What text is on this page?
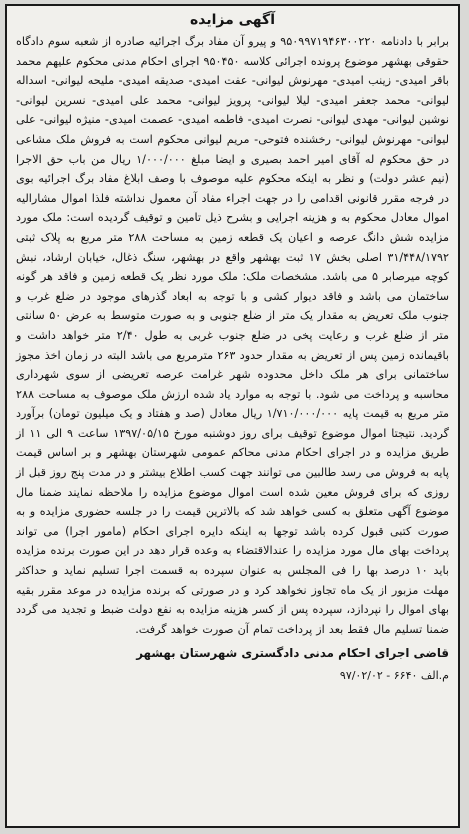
آگهی مزایده

برابر با دادنامه ۹۵۰۹۹۷۱۹۴۶۳۰۰۲۲۰ و پیرو آن مفاد برگ اجرائیه صادره از شعبه سوم دادگاه حقوقی بهشهر موضوع پرونده اجرائی کلاسه ۹۵۰۴۵۰ اجرای احکام مدنی محکوم علیهم محمد باقر امیدی- زینب امیدی- مهرنوش لیوانی- عفت امیدی- صدیقه امیدی- ملیحه لیوانی- اسداله لیوانی- محمد جعفر امیدی- لیلا لیوانی- پرویز لیوانی- محمد علی امیدی- نسرین لیوانی- نوشین لیوانی- مهدی لیوانی- نصرت امیدی- فاطمه امیدی- عصمت امیدی- منیژه لیوانی- علی لیوانی- مهرنوش لیوانی- رخشنده فتوحی- مریم لیوانی محکوم است به فروش ملک مشاعی در حق محکوم له آقای امیر احمد بصیری و ایضا مبلغ ۱/۰۰۰/۰۰۰ ریال من باب حق الاجرا (نیم عشر دولت) و نظر به اینکه محکوم علیه موصوف با وصف ابلاغ مفاد برگ اجرائیه بوی در فرجه مقرر قانونی اقدامی را در جهت اجراء مفاد آن معمول نداشته فلذا اموال مشارالیه اموال معادل محکوم به و هزینه اجرایی و بشرح ذیل تامین و توقیف گردیده است: ملک مورد مزایده شش دانگ عرصه و اعیان یک قطعه زمین به مساحت ۲۸۸ متر مربع به پلاک ثبتی ۳۱/۴۴۸/۱۷۹۲ اصلی بخش ۱۷ ثبت بهشهر واقع در بهشهر، سنگ ذغال، خیابان ارشاد، نبش کوچه میرصابر ۵ می باشد. مشخصات ملک: ملک مورد نظر یک قطعه زمین و فاقد هر گونه ساختمان می باشد و فاقد دیوار کشی و با توجه به ابعاد گذرهای موجود در ضلع غرب و جنوب ملک تعریض به مقدار یک متر از ضلع جنوبی و به صورت متوسط به عرض ۵۰ سانتی متر از ضلع غرب و رعایت پخی در ضلع جنوب غربی به طول ۲/۴۰ متر خواهد داشت و باقیمانده زمین پس از تعریض به مقدار حدود ۲۶۳ مترمربع می باشد البته در زمان اخذ مجوز ساختمانی برای هر ملک داخل محدوده شهر غرامت عرصه تعریضی از سوی شهرداری محاسبه و پرداخت می شود. با توجه به موارد یاد شده ارزش ملک موصوف به مساحت ۲۸۸ متر مربع به قیمت پایه ۱/۷۱۰/۰۰۰/۰۰۰ ریال معادل (صد و هفتاد و یک میلیون تومان) برآورد گردید. نتیجتا اموال موضوع توقیف برای روز دوشنبه مورخ ۱۳۹۷/۰۵/۱۵ ساعت ۹ الی ۱۱ از طریق مزایده و در اجرای احکام مدنی محاکم عمومی شهرستان بهشهر و بر اساس قیمت پایه به فروش می رسد طالبین می توانند جهت کسب اطلاع بیشتر و در مدت پنج روز قبل از روزی که برای فروش معین شده است اموال موضوع مزایده را ملاحظه نمایند ضمنا مال موضوع آگهی متعلق به کسی خواهد شد که بالاترین قیمت را در جلسه حضوری مزایده و به صورت کتبی قبول کرده باشد توجها به اینکه دایره اجرای احکام (مامور اجرا) می تواند پرداخت بهای مال مورد مزایده را عندالاقتضاء به وعده قرار دهد در این صورت برنده مزایده باید ۱۰ درصد بها را فی المجلس به عنوان سپرده به قسمت اجرا تسلیم نماید و حداکثر مهلت مزبور از یک ماه تجاوز نخواهد کرد و در صورتی که برنده مزایده در موعد مقرر بقیه بهای اموال را نپردازد، سپرده پس از کسر هزینه مزایده به نفع دولت ضبط و تجدید می گردد ضمنا تسلیم مال فقط بعد از پرداخت تمام آن صورت خواهد گرفت.

قاضی اجرای احکام مدنی دادگستری شهرستان بهشهر
م.الف ۶۶۴۰ - ۹۷/۰۲/۰۲
